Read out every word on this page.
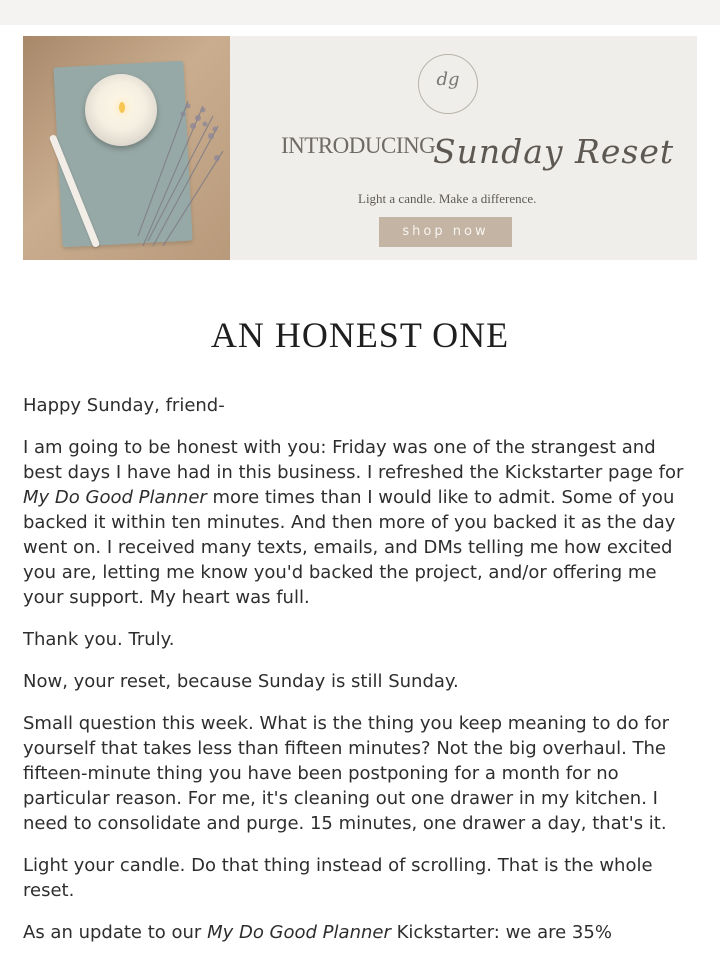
dg
INTRODUCING
Sunday Reset
Light a candle. Make a difference.
shop now
AN HONEST ONE

Happy Sunday, friend-

I am going to be honest with you: Friday was one of the strangest and best days I have had in this business. I refreshed the Kickstarter page for My Do Good Planner more times than I would like to admit. Some of you backed it within ten minutes. And then more of you backed it as the day went on. I received many texts, emails, and DMs telling me how excited you are, letting me know you'd backed the project, and/or offering me your support. My heart was full.

Thank you. Truly.

Now, your reset, because Sunday is still Sunday.

Small question this week. What is the thing you keep meaning to do for yourself that takes less than fifteen minutes? Not the big overhaul. The fifteen-minute thing you have been postponing for a month for no particular reason. For me, it's cleaning out one drawer in my kitchen. I need to consolidate and purge. 15 minutes, one drawer a day, that's it.

Light your candle. Do that thing instead of scrolling. That is the whole reset.

As an update to our My Do Good Planner Kickstarter: we are 35%
